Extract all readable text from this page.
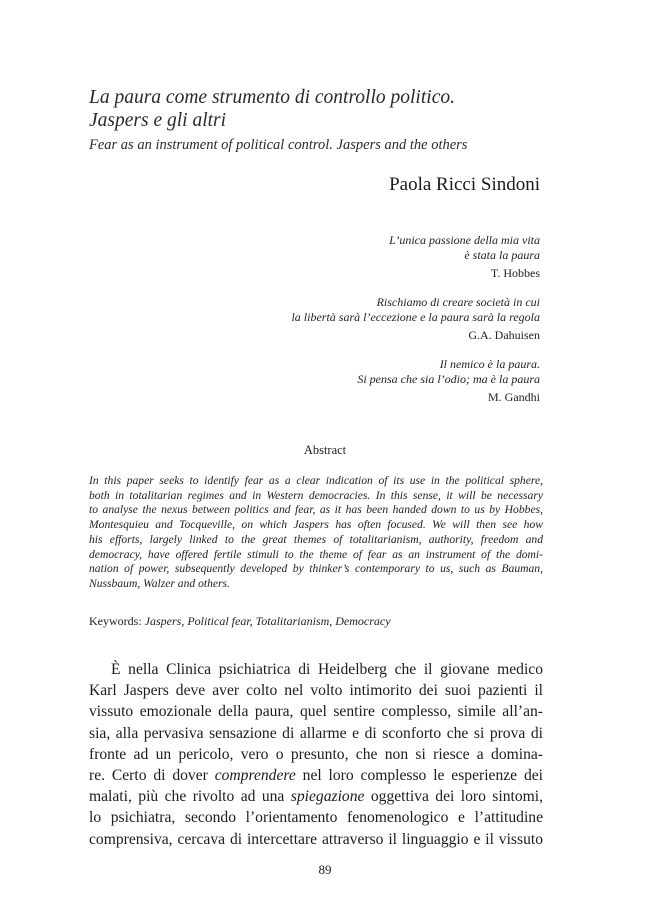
La paura come strumento di controllo politico.
Jaspers e gli altri
Fear as an instrument of political control. Jaspers and the others
Paola Ricci Sindoni
L’unica passione della mia vita
è stata la paura
T. Hobbes
Rischiamo di creare società in cui
la libertà sarà l’eccezione e la paura sarà la regola
G.A. Dahuisen
Il nemico è la paura.
Si pensa che sia l’odio; ma è la paura
M. Gandhi
Abstract
In this paper seeks to identify fear as a clear indication of its use in the political sphere,
both in totalitarian regimes and in Western democracies. In this sense, it will be necessary
to analyse the nexus between politics and fear, as it has been handed down to us by Hobbes,
Montesquieu and Tocqueville, on which Jaspers has often focused. We will then see how
his efforts, largely linked to the great themes of totalitarianism, authority, freedom and
democracy, have offered fertile stimuli to the theme of fear as an instrument of the domi-
nation of power, subsequently developed by thinker’s contemporary to us, such as Bauman,
Nussbaum, Walzer and others.
Keywords: Jaspers, Political fear, Totalitarianism, Democracy
È nella Clinica psichiatrica di Heidelberg che il giovane medico
Karl Jaspers deve aver colto nel volto intimorito dei suoi pazienti il
vissuto emozionale della paura, quel sentire complesso, simile all’an-
sia, alla pervasiva sensazione di allarme e di sconforto che si prova di
fronte ad un pericolo, vero o presunto, che non si riesce a domina-
re. Certo di dover comprendere nel loro complesso le esperienze dei
malati, più che rivolto ad una spiegazione oggettiva dei loro sintomi,
lo psichiatra, secondo l’orientamento fenomenologico e l’attitudine
comprensiva, cercava di intercettare attraverso il linguaggio e il vissuto
89
